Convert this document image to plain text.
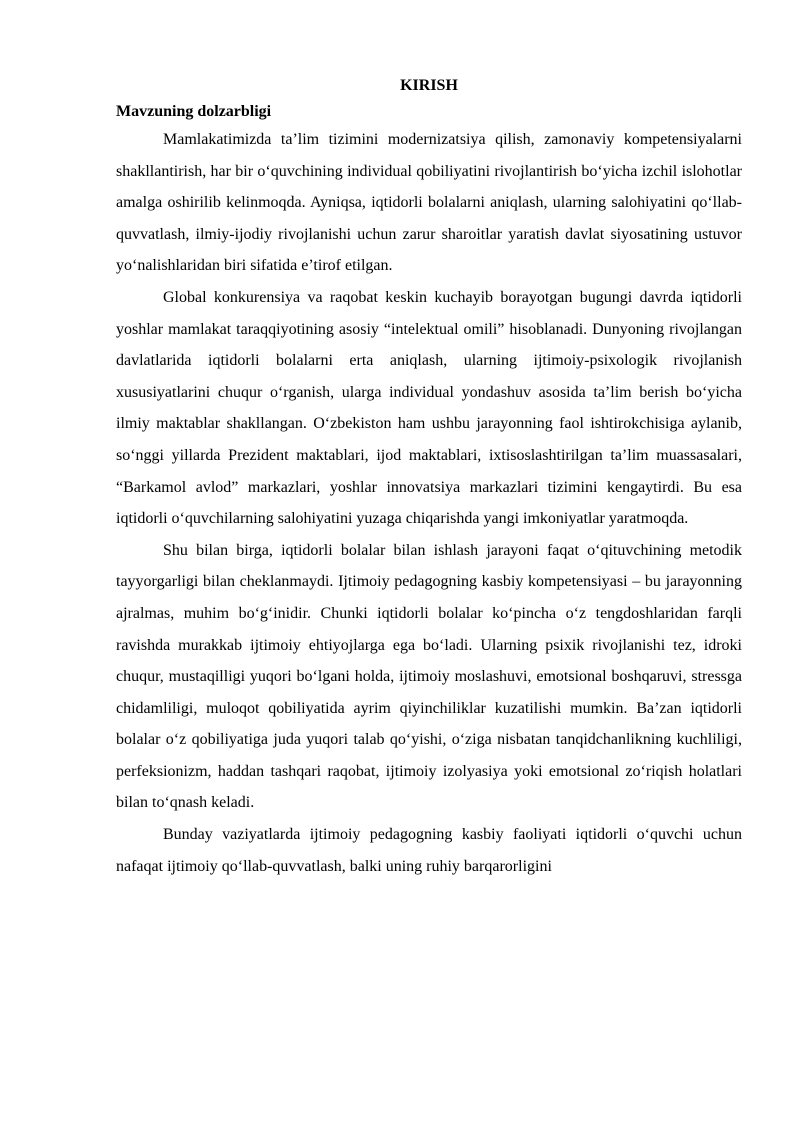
KIRISH
Mavzuning dolzarbligi

Mamlakatimizda ta’lim tizimini modernizatsiya qilish, zamonaviy kompetensiyalarni shakllantirish, har bir o‘quvchining individual qobiliyatini rivojlantirish bo‘yicha izchil islohotlar amalga oshirilib kelinmoqda. Ayniqsa, iqtidorli bolalarni aniqlash, ularning salohiyatini qo‘llab-quvvatlash, ilmiy-ijodiy rivojlanishi uchun zarur sharoitlar yaratish davlat siyosatining ustuvor yo‘nalishlaridan biri sifatida e’tirof etilgan.

Global konkurensiya va raqobat keskin kuchayib borayotgan bugungi davrda iqtidorli yoshlar mamlakat taraqqiyotining asosiy “intelektual omili” hisoblanadi. Dunyoning rivojlangan davlatlarida iqtidorli bolalarni erta aniqlash, ularning ijtimoiy-psixologik rivojlanish xususiyatlarini chuqur o‘rganish, ularga individual yondashuv asosida ta’lim berish bo‘yicha ilmiy maktablar shakllangan. O‘zbekiston ham ushbu jarayonning faol ishtirokchisiga aylanib, so‘nggi yillarda Prezident maktablari, ijod maktablari, ixtisoslashtirilgan ta’lim muassasalari, “Barkamol avlod” markazlari, yoshlar innovatsiya markazlari tizimini kengaytirdi. Bu esa iqtidorli o‘quvchilarning salohiyatini yuzaga chiqarishda yangi imkoniyatlar yaratmoqda.

Shu bilan birga, iqtidorli bolalar bilan ishlash jarayoni faqat o‘qituvchining metodik tayyorgarligi bilan cheklanmaydi. Ijtimoiy pedagogning kasbiy kompetensiyasi – bu jarayonning ajralmas, muhim bo‘g‘inidir. Chunki iqtidorli bolalar ko‘pincha o‘z tengdoshlaridan farqli ravishda murakkab ijtimoiy ehtiyojlarga ega bo‘ladi. Ularning psixik rivojlanishi tez, idroki chuqur, mustaqilligi yuqori bo‘lgani holda, ijtimoiy moslashuvi, emotsional boshqaruvi, stressga chidamliligi, muloqot qobiliyatida ayrim qiyinchiliklar kuzatilishi mumkin. Ba’zan iqtidorli bolalar o‘z qobiliyatiga juda yuqori talab qo‘yishi, o‘ziga nisbatan tanqidchanlikning kuchliligi, perfeksionizm, haddan tashqari raqobat, ijtimoiy izolyasiya yoki emotsional zo‘riqish holatlari bilan to‘qnash keladi.

Bunday vaziyatlarda ijtimoiy pedagogning kasbiy faoliyati iqtidorli o‘quvchi uchun nafaqat ijtimoiy qo‘llab-quvvatlash, balki uning ruhiy barqarorligini
